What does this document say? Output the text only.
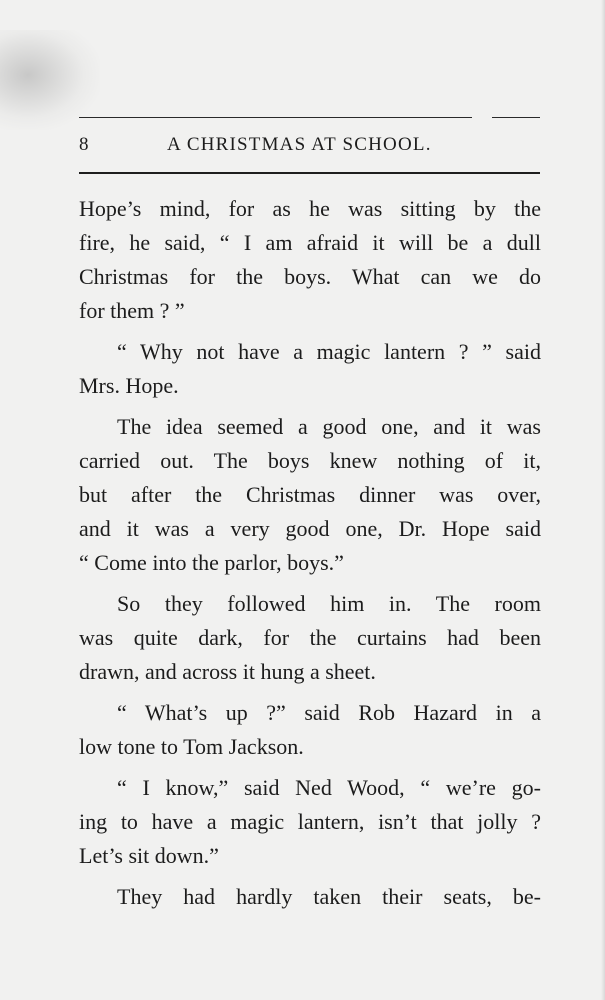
8	A CHRISTMAS AT SCHOOL.
Hope’s mind, for as he was sitting by the
fire, he said, “ I am afraid it will be a dull
Christmas for the boys. What can we do
for them ? ”
“ Why not have a magic lantern ? ” said
Mrs. Hope.
The idea seemed a good one, and it was
carried out. The boys knew nothing of it,
but after the Christmas dinner was over,
and it was a very good one, Dr. Hope said
“ Come into the parlor, boys.”
So they followed him in. The room
was quite dark, for the curtains had been
drawn, and across it hung a sheet.
“ What’s up ?” said Rob Hazard in a
low tone to Tom Jackson.
“ I know,” said Ned Wood, “ we’re go-
ing to have a magic lantern, isn’t that jolly ?
Let’s sit down.”
They had hardly taken their seats, be-
